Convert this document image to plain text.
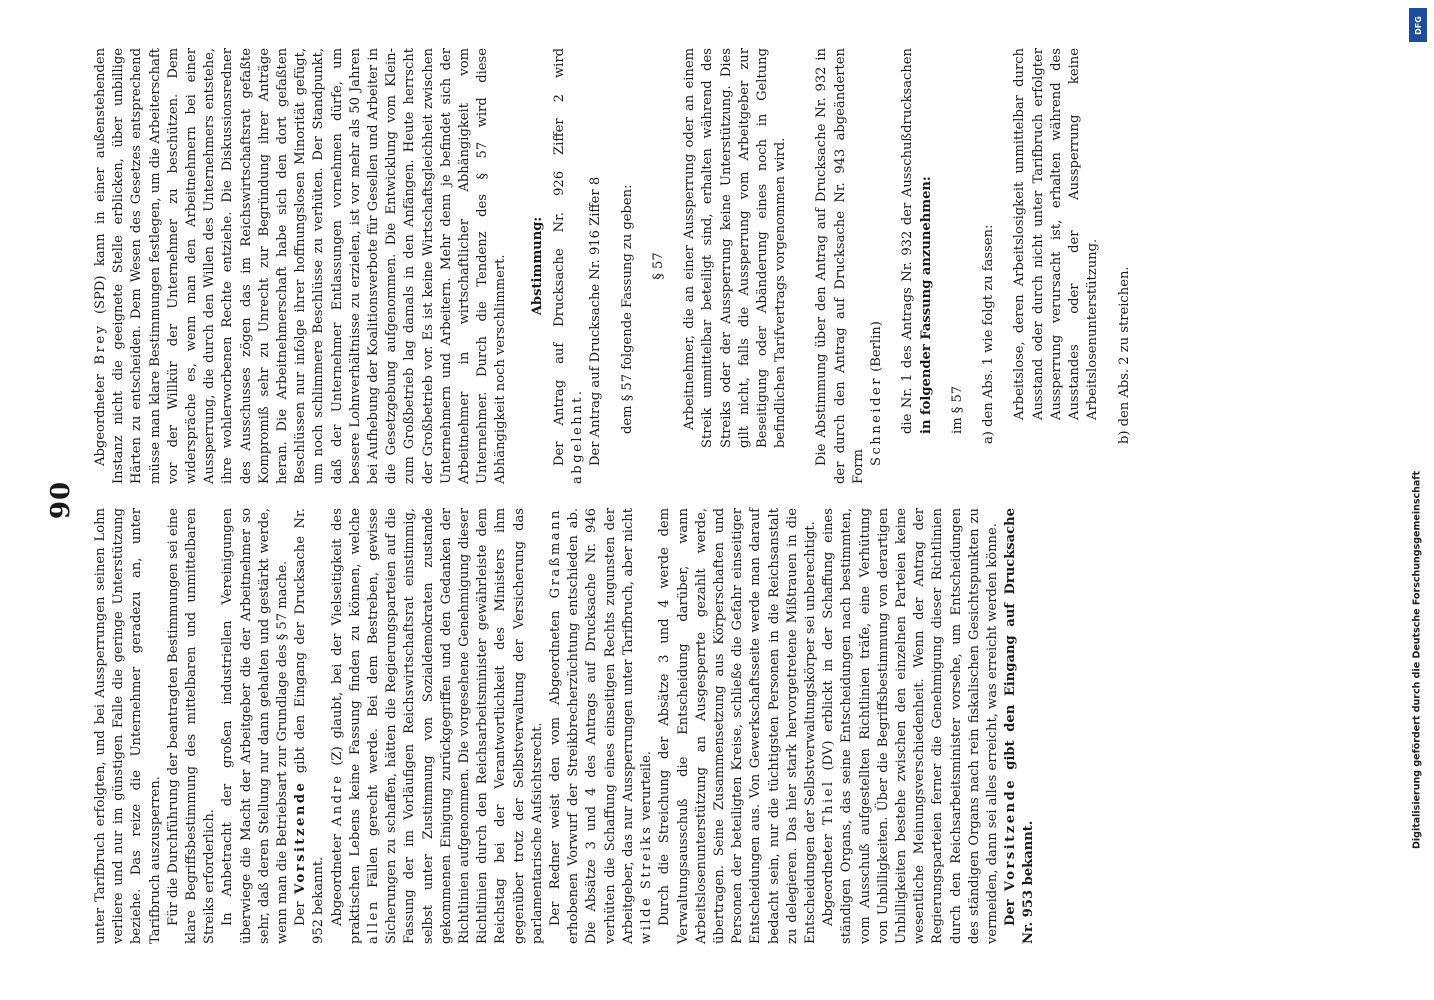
90

unter Tarifbruch erfolgten, und bei Aussperrungen seinen Lohn verliere und nur im günstigen Falle die geringe Unterstützung beziehe. Das reize die Unternehmer geradezu an, unter Tarifbruch auszusperren. Für die Durchführung der beantragten Bestimmungen sei eine klare Begriffsbestimmung des mittelbaren und unmittelbaren Streiks erforderlich. In Anbetracht der großen industriellen Vereinigungen überwiege die Macht der Arbeitgeber die der Arbeitnehmer so sehr, daß deren Stellung nur dann gehalten und gestärkt werde, wenn man die Betriebsart zur Grundlage des § 57 mache. Der Vorsitzende gibt den Eingang der Drucksache Nr. 952 bekannt. Abgeordneter Andre (Z) glaubt, bei der Vielseitigkeit des praktischen Lebens keine Fassung finden zu können, welche allen Fällen gerecht werde. Bei dem Bestreben, gewisse Sicherungen zu schaffen, hätten die Regierungsparteien auf die Fassung der im Vorläufigen Reichswirtschaftsrat einstimmig, selbst unter Zustimmung von Sozialdemokraten zustande gekommenen Einigung zurückgegriffen und den Gedanken der Richtlinien aufgenommen. Die vorgesehene Genehmigung dieser Richtlinien durch den Reichsarbeitsminister gewährleiste dem Reichstag bei der Verantwortlichkeit des Ministers ihm gegenüber trotz der Selbstverwaltung der Versicherung das parlamentarische Aufsichtsrecht. Der Redner weist den vom Abgeordneten Graßmann erhobenen Vorwurf der Streikbrecherzüchtung entschieden ab. Die Absätze 3 und 4 des Antrags auf Drucksache Nr. 946 verhüten die Schaffung eines einseitigen Rechts zugunsten der Arbeitgeber, das nur Aussperrungen unter Tarifbruch, aber nicht wilde Streiks verurteile. Durch die Streichung der Absätze 3 und 4 werde dem Verwaltungsausschuß die Entscheidung darüber, wann Arbeitslosenunterstützung an Ausgesperrte gezahlt werde, übertragen. Seine Zusammensetzung aus Körperschaften und Personen der beteiligten Kreise, schließe die Gefahr einseitiger Entscheidungen aus. Von Gewerkschaftsseite werde man darauf bedacht sein, nur die tüchtigsten Personen in die Reichsanstalt zu delegieren. Das hier stark hervorgetretene Mißtrauen in die Entscheidungen der Selbstverwaltungskörper sei unberechtigt. Abgeordneter Thiel (DV) erblickt in der Schaffung eines ständigen Organs, das seine Entscheidungen nach bestimmten, vom Ausschuß aufgestellten Richtlinien träfe, eine Verhütung von Unbilligkeiten. Über die Begriffsbestimmung von derartigen Unbilligkeiten bestehe zwischen den einzelnen Parteien keine wesentliche Meinungsverschiedenheit. Wenn der Antrag der Regierungsparteien ferner die Genehmigung dieser Richtlinien durch den Reichsarbeitsminister vorsehe, um Entscheidungen des ständigen Organs nach rein fiskalischen Gesichtspunkten zu vermeiden, dann sei alles erreicht, was erreicht werden könne. Der Vorsitzende gibt den Eingang auf Drucksache Nr. 953 bekannt.

Abgeordneter Brey (SPD) kann in einer außenstehenden Instanz nicht die geeignete Stelle erblicken, über unbillige Härten zu entscheiden. Dem Wesen des Gesetzes entsprechend müsse man klare Bestimmungen festlegen, um die Arbeiterschaft vor der Willkür der Unternehmer zu beschützen. Dem widerspräche es, wenn man den Arbeitnehmern bei einer Aussperrung, die durch den Willen des Unternehmers entstehe, ihre wohlerworbenen Rechte entziehe. Die Diskussionsredner des Ausschusses zögen das im Reichswirtschaftsrat gefaßte Kompromiß sehr zu Unrecht zur Begründung ihrer Anträge heran. Die Arbeitnehmerschaft habe sich den dort gefaßten Beschlüssen nur infolge ihrer hoffnungslosen Minorität gefügt, um noch schlimmere Beschlüsse zu verhüten. Der Standpunkt, daß der Unternehmer Entlassungen vornehmen dürfe, um bessere Lohnverhältnisse zu erzielen, ist vor mehr als 50 Jahren bei Aufhebung der Koalitionsverbote für Gesellen und Arbeiter in die Gesetzgebung aufgenommen. Die Entwicklung vom Klein- zum Großbetrieb lag damals in den Anfängen. Heute herrscht der Großbetrieb vor. Es ist keine Wirtschaftsgleichheit zwischen Unternehmern und Arbeitern. Mehr denn je befindet sich der Arbeitnehmer in wirtschaftlicher Abhängigkeit vom Unternehmer. Durch die Tendenz des § 57 wird diese Abhängigkeit noch verschlimmert. Abstimmung: Der Antrag auf Drucksache Nr. 926 Ziffer 2 wird abgelehnt. Der Antrag auf Drucksache Nr. 916 Ziffer 8 dem § 57 folgende Fassung zu geben: § 57 Arbeitnehmer, die an einer Aussperrung oder an einem Streik unmittelbar beteiligt sind, erhalten während des Streiks oder der Aussperrung keine Unterstützung. Dies gilt nicht, falls die Aussperrung vom Arbeitgeber zur Beseitigung oder Abänderung eines noch in Geltung befindlichen Tarifvertrags vorgenommen wird. Die Abstimmung über den Antrag auf Drucksache Nr. 932 in der durch den Antrag auf Drucksache Nr. 943 abgeänderten Form

Schneider (Berlin) die Nr. 1 des Antrags Nr. 932 der Ausschußdrucksachen in folgender Fassung anzunehmen: im § 57 a) den Abs. 1 wie folgt zu fassen: Arbeitslose, deren Arbeitslosigkeit unmittelbar durch Ausstand oder durch nicht unter Tarifbruch erfolgter Aussperrung verursacht ist, erhalten während des Ausstandes oder der Aussperrung keine Arbeitslosenunterstützung. b) den Abs. 2 zu streichen.

DFG
Digitalisierung gefördert durch die Deutsche Forschungsgemeinschaft
